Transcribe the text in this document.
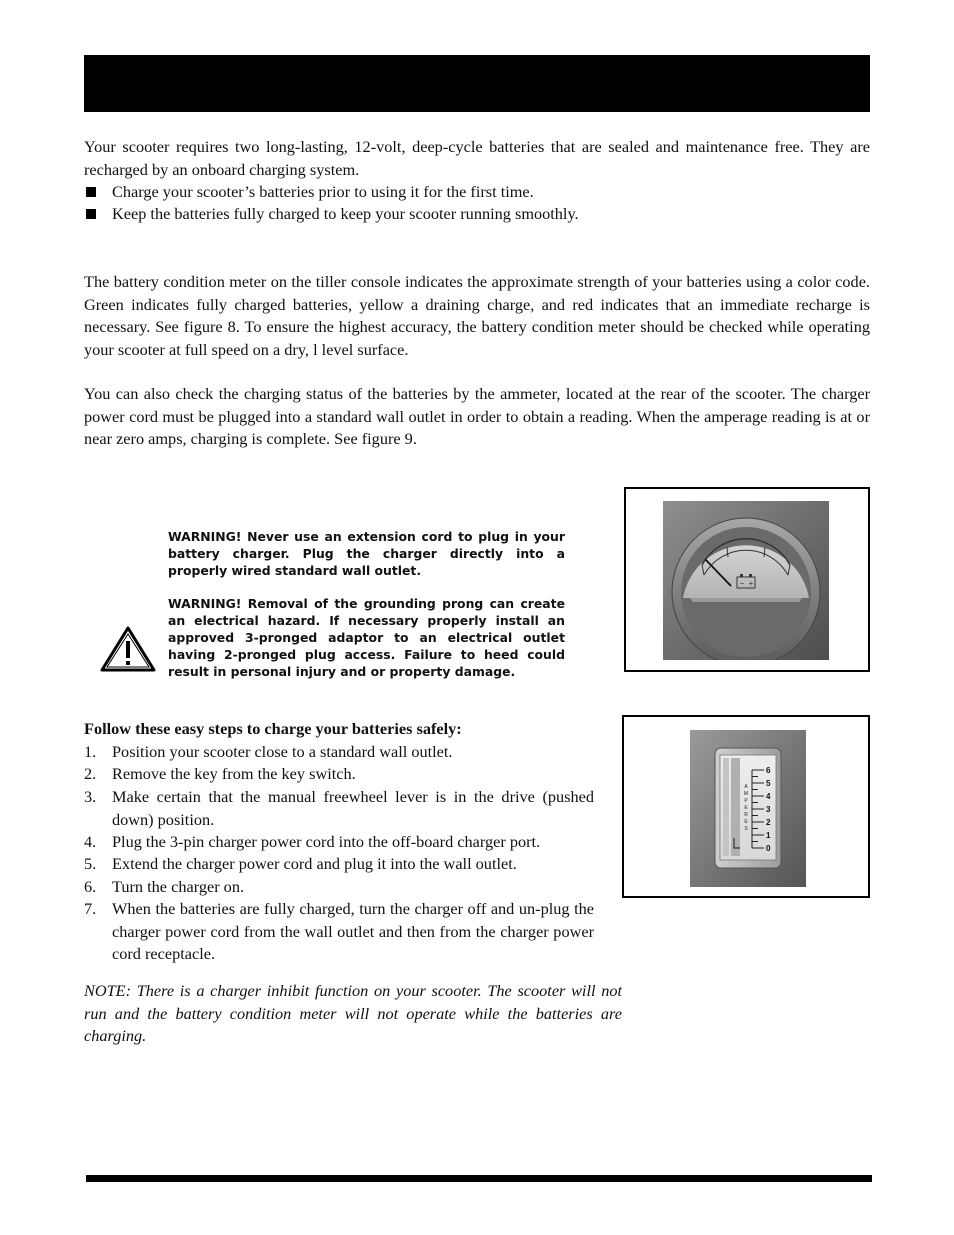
Your scooter requires two long-lasting, 12-volt, deep-cycle batteries that are sealed and maintenance free. They are recharged by an onboard charging system.

Charge your scooter’s batteries prior to using it for the first time.
Keep the batteries fully charged to keep your scooter running smoothly.

The battery condition meter on the tiller console indicates the approximate strength of your batteries using a color code. Green indicates fully charged batteries, yellow a draining charge, and red indicates that an immediate recharge is necessary. See figure 8. To ensure the highest accuracy, the battery condition meter should be checked while operating your scooter at full speed on a dry, l level surface.

You can also check the charging status of the batteries by the ammeter, located at the rear of the scooter. The charger power cord must be plugged into a standard wall outlet in order to obtain a reading. When the amperage reading is at or near zero amps, charging is complete. See figure 9.

WARNING! Never use an extension cord to plug in your battery charger. Plug the charger directly into a properly wired standard wall outlet.

WARNING! Removal of the grounding prong can create an electrical hazard. If necessary properly install an approved 3-pronged adaptor to an electrical outlet having 2-pronged plug access. Failure to heed could result in personal injury and or property damage.

Follow these easy steps to charge your batteries safely:
1. Position your scooter close to a standard wall outlet.
2. Remove the key from the key switch.
3. Make certain that the manual freewheel lever is in the drive (pushed down) position.
4. Plug the 3-pin charger power cord into the off-board charger port.
5. Extend the charger power cord and plug it into the wall outlet.
6. Turn the charger on.
7. When the batteries are fully charged, turn the charger off and un-plug the charger power cord from the wall outlet and then from the charger power cord receptacle.

NOTE: There is a charger inhibit function on your scooter. The scooter will not run and the battery condition meter will not operate while the batteries are charging.

− +
6
5
4
3
2
1
0
AMPERES
